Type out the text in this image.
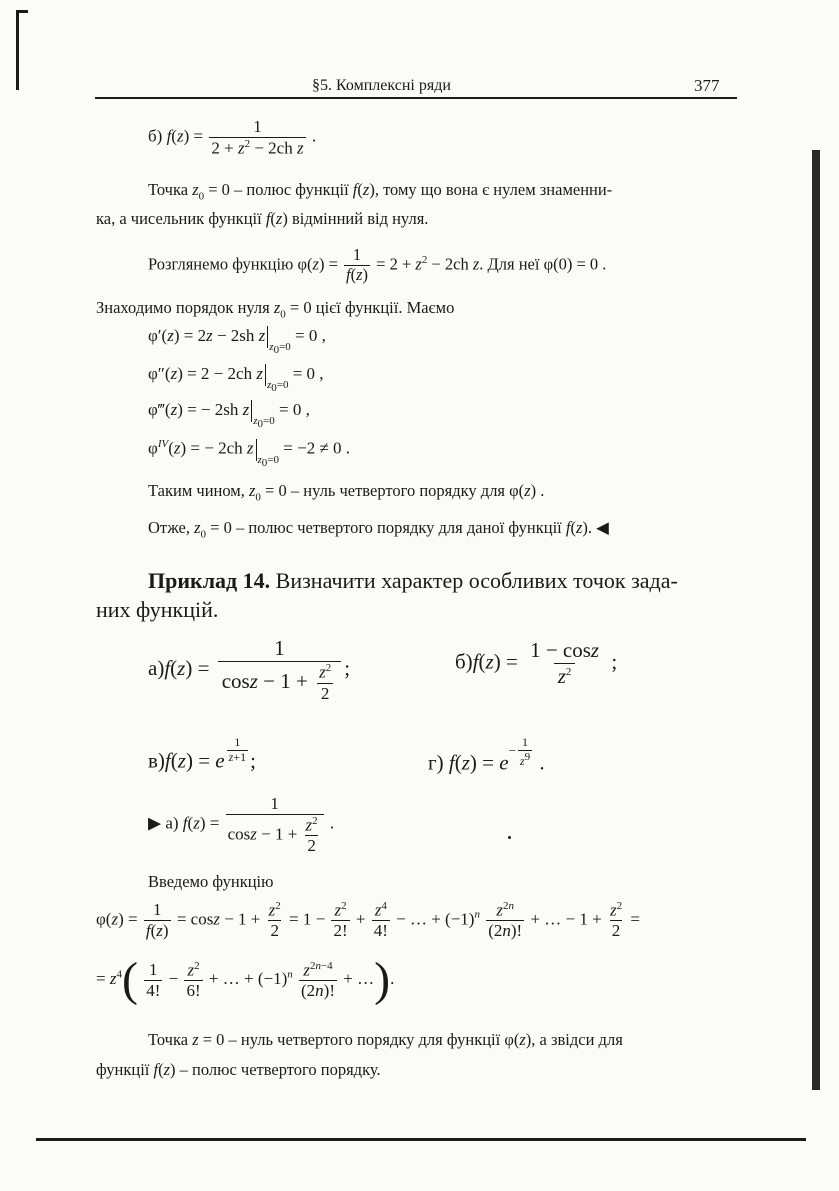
§5. Комплексні ряди	377
б) $f(z) = \frac{1}{2 + z^2 - 2ch z}$ .
Точка $z_0 = 0$ – полюс функції f(z), тому що вона є нулем знаменни-
ка, а чисельник функції f(z) відмінний від нуля.
Розглянемо функцію $\varphi(z) = \frac{1}{f(z)} = 2 + z^2 - 2ch$ z. Для неї φ(0) = 0 .
Знаходимо порядок нуля $z_0 = 0$ цієї функції. Маємо
φ′(z) = 2z − 2sh $z_{z_0=0} = 0$ ,
φ″(z) = 2 − 2ch $z_{z_0=0} = 0$ ,
φ‴(z) = − 2sh $z_{z_0=0} = 0$ ,
$\varphi^{IV}(z)$ = − 2ch $z_{z_0=0} = -2 \ne 0$ .
Таким чином, $z_0 = 0$ – нуль четвертого порядку для φ(z) .
Отже, $z_0 = 0$ – полюс четвертого порядку для даної функції f(z). ◀
Приклад 14. Визначити характер особливих точок зада-
них функцій.
$а)f(z) = \frac{1}{\cos z - 1 + \frac{z^2}{2}}$ ;	$б)f(z) = \frac{1 - \cos z}{z^2}$ ;
в)f(z) = e $^{\frac{1}{z+1}}$ ;	г) $f(z) = e^{- \frac{1}{z^9}}$ .
▶ а) $f(z) = \frac{1}{\cos z - 1 + \frac{z^2}{2}}$ .
Введемо функцію
$\varphi(z) = \frac{1}{f(z)} = \cos z - 1 + \frac{z^2}{2} = 1 - \frac{z^2}{2!} + \frac{z^4}{4!}$ − … + $(-1)^n \frac{z^{2n}}{(2n)!}$ + … − $1 + \frac{z^2}{2}$ =
= $z^4( \frac{1}{4!} - \frac{z^2}{6!}$ + … + $(-1)^n \frac{z^{2n-4}}{(2n)!}$ + …).
Точка z = 0 – нуль четвертого порядку для функції φ(z), а звідси для
функції f(z) – полюс четвертого порядку.
